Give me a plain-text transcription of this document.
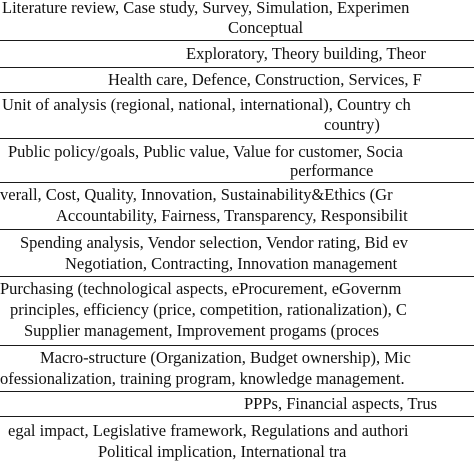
Literature review, Case study, Survey, Simulation, Experimen
Conceptual
Exploratory, Theory building, Theor
Health care, Defence, Construction, Services, F
Unit of analysis (regional, national, international), Country ch
country)
Public policy/goals, Public value, Value for customer, Socia
performance
verall, Cost, Quality, Innovation, Sustainability&Ethics (Gr
Accountability, Fairness, Transparency, Responsibilit
Spending analysis, Vendor selection, Vendor rating, Bid ev
Negotiation, Contracting, Innovation management
Purchasing (technological aspects, eProcurement, eGovernm
principles, efficiency (price, competition, rationalization), C
Supplier management, Improvement progams (proces
Macro-structure (Organization, Budget ownership), Mic
ofessionalization, training program, knowledge management.
PPPs, Financial aspects, Trus
egal impact, Legislative framework, Regulations and authori
Political implication, International tra
